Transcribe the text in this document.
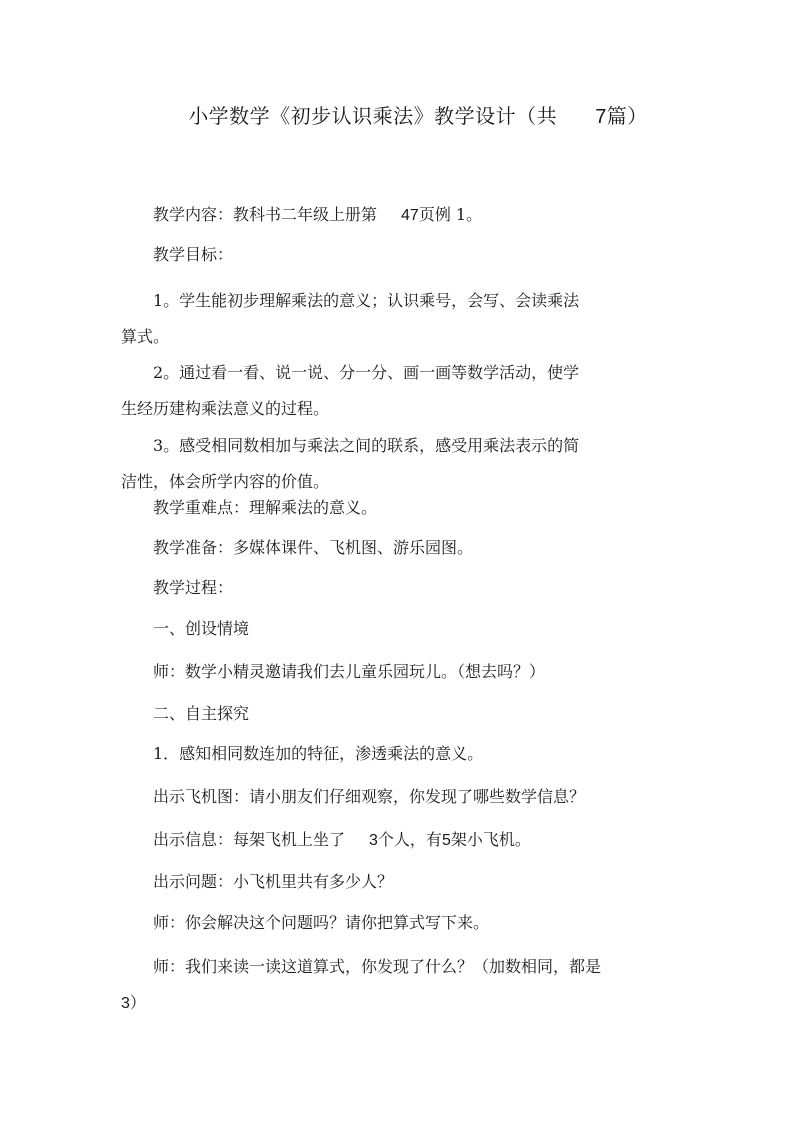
小学数学《初步认识乘法》教学设计（共 7篇）
教学内容：教科书二年级上册第 47页例 1。
教学目标：
1。学生能初步理解乘法的意义；认识乘号，会写、会读乘法
算式。
2。通过看一看、说一说、分一分、画一画等数学活动，使学
生经历建构乘法意义的过程。
3。感受相同数相加与乘法之间的联系，感受用乘法表示的简
洁性，体会所学内容的价值。
教学重难点：理解乘法的意义。
教学准备：多媒体课件、飞机图、游乐园图。
教学过程：
一、创设情境
师：数学小精灵邀请我们去儿童乐园玩儿。（想去吗？）
二、自主探究
1．感知相同数连加的特征，渗透乘法的意义。
出示飞机图：请小朋友们仔细观察，你发现了哪些数学信息？
出示信息：每架飞机上坐了 3个人，有5架小飞机。
出示问题：小飞机里共有多少人？
师：你会解决这个问题吗？请你把算式写下来。
师：我们来读一读这道算式，你发现了什么？（加数相同，都是
3）
